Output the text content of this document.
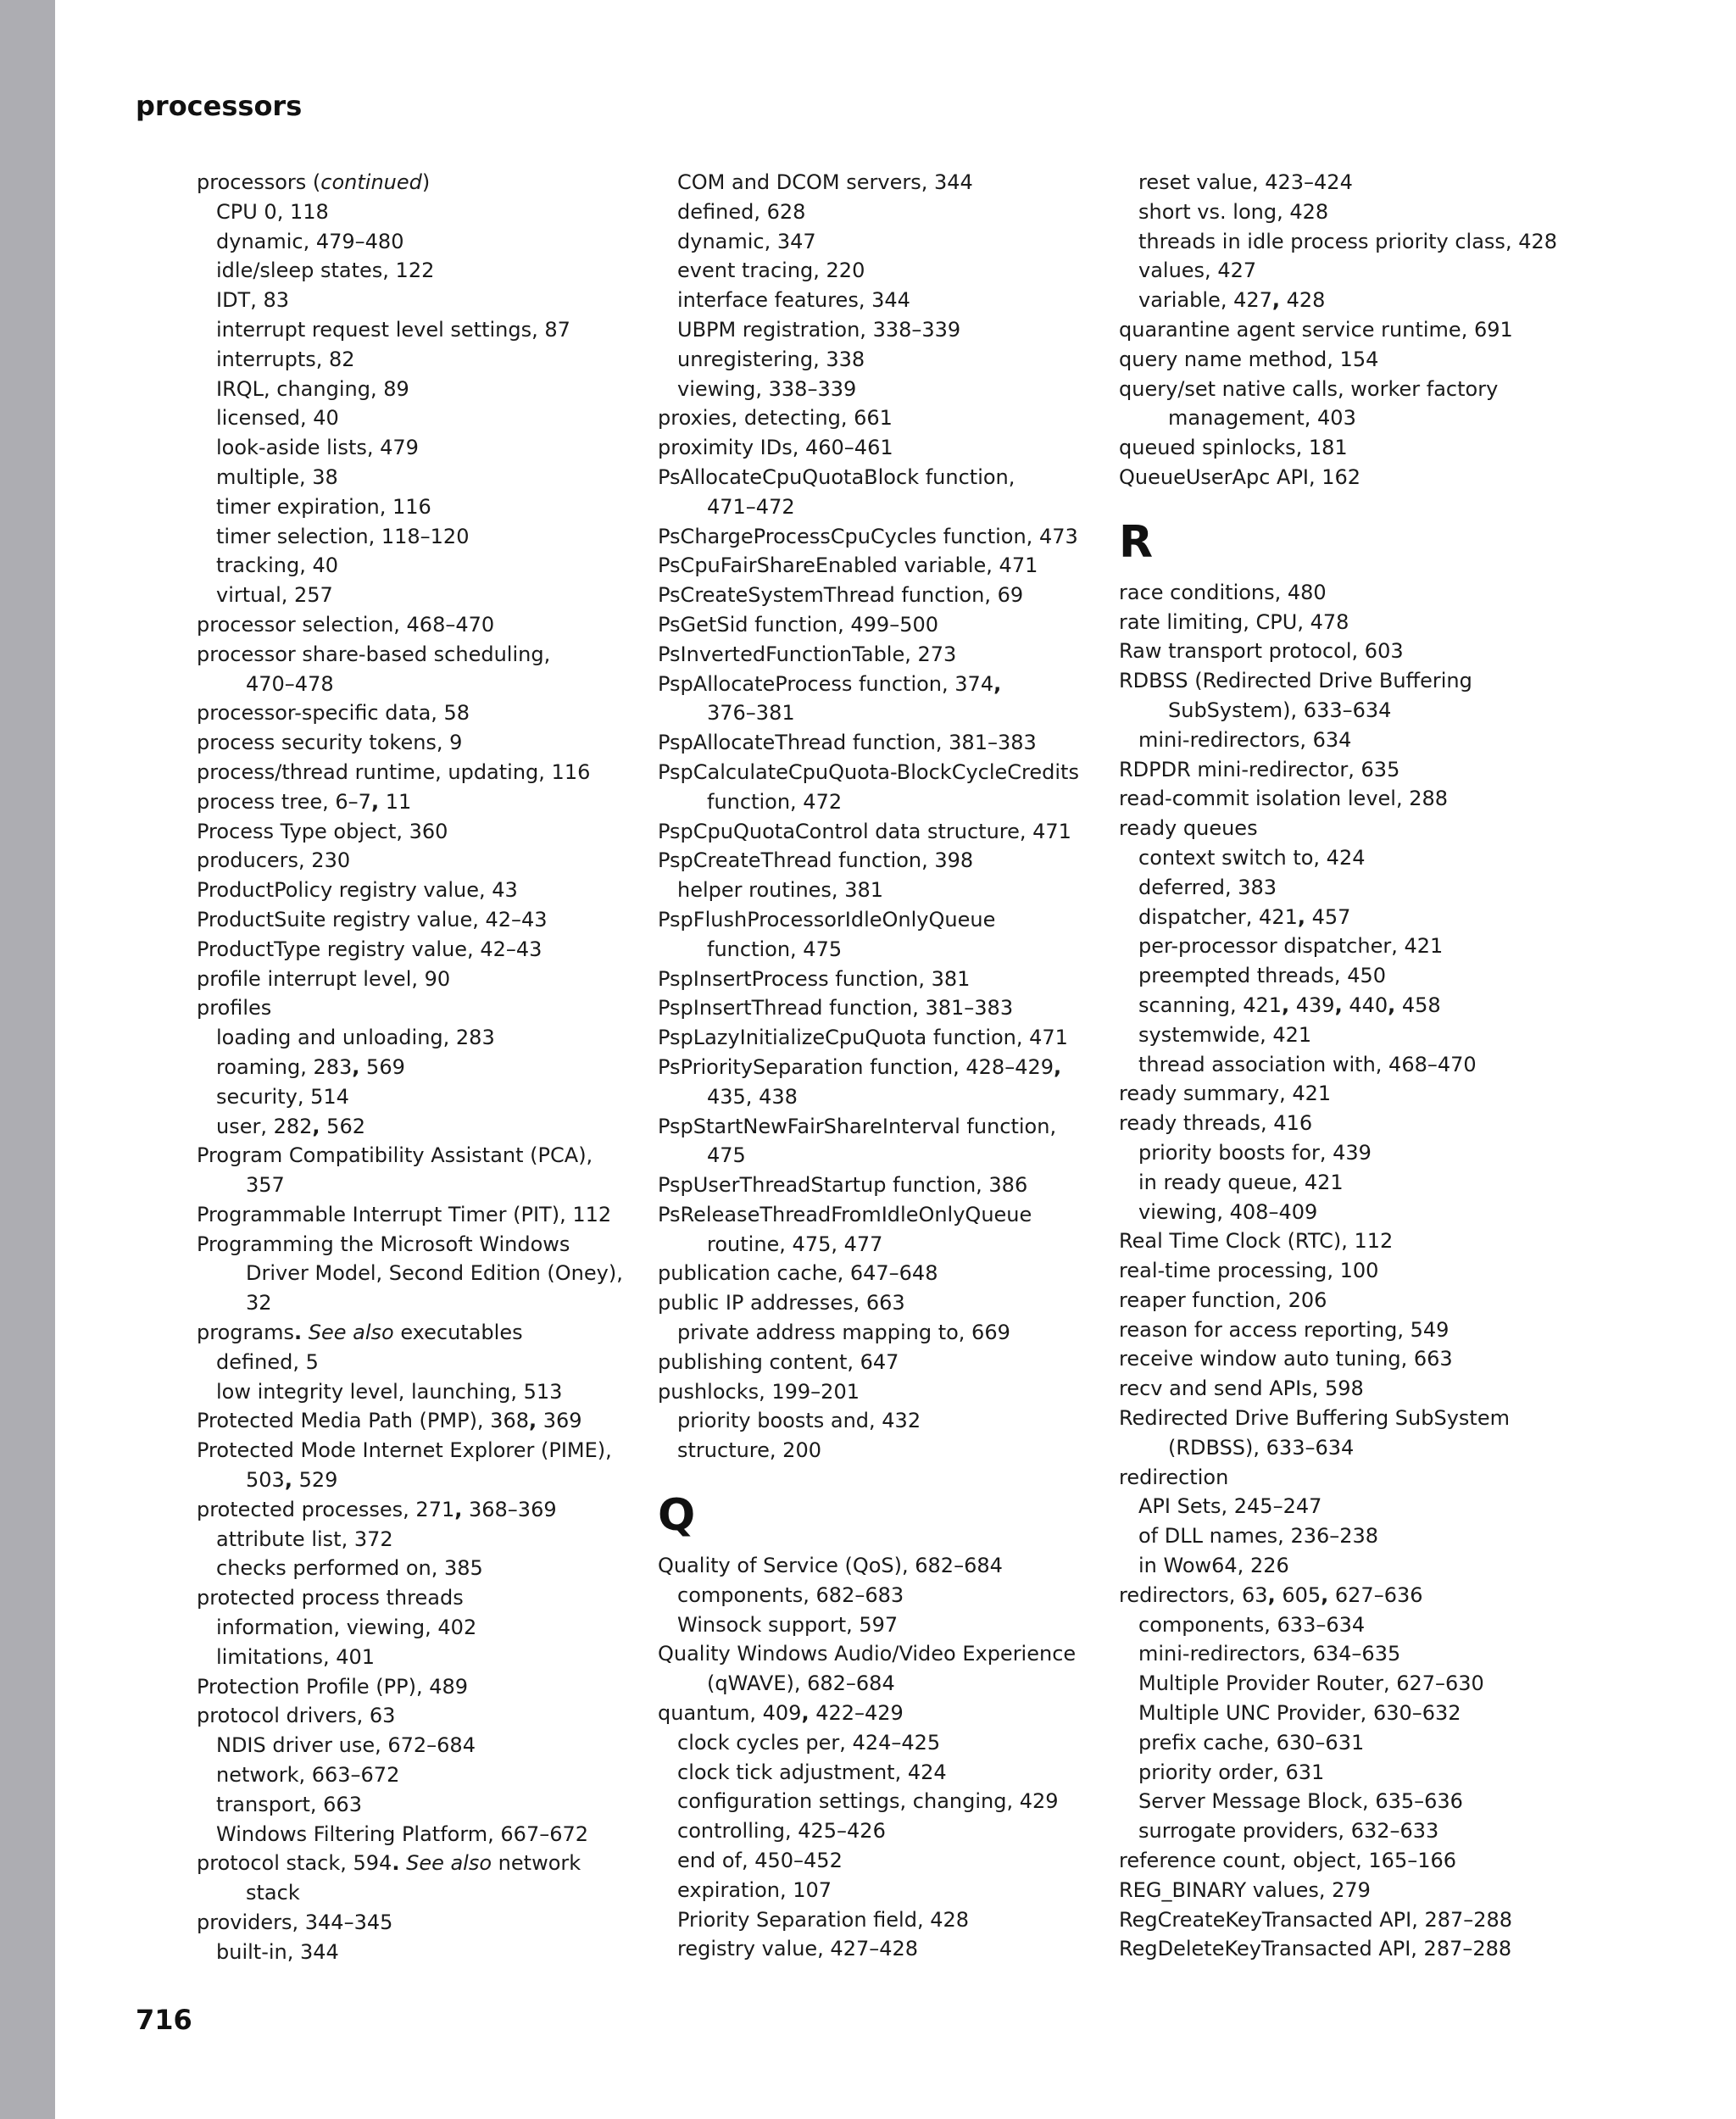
processors
processors (continued)
CPU 0, 118
dynamic, 479–480
idle/sleep states, 122
IDT, 83
interrupt request level settings, 87
interrupts, 82
IRQL, changing, 89
licensed, 40
look-aside lists, 479
multiple, 38
timer expiration, 116
timer selection, 118–120
tracking, 40
virtual, 257
processor selection, 468–470
processor share-based scheduling,
470–478
processor-specific data, 58
process security tokens, 9
process/thread runtime, updating, 116
process tree, 6–7, 11
Process Type object, 360
producers, 230
ProductPolicy registry value, 43
ProductSuite registry value, 42–43
ProductType registry value, 42–43
profile interrupt level, 90
profiles
loading and unloading, 283
roaming, 283, 569
security, 514
user, 282, 562
Program Compatibility Assistant (PCA),
357
Programmable Interrupt Timer (PIT), 112
Programming the Microsoft Windows
Driver Model, Second Edition (Oney),
32
programs. See also executables
defined, 5
low integrity level, launching, 513
Protected Media Path (PMP), 368, 369
Protected Mode Internet Explorer (PIME),
503, 529
protected processes, 271, 368–369
attribute list, 372
checks performed on, 385
protected process threads
information, viewing, 402
limitations, 401
Protection Profile (PP), 489
protocol drivers, 63
NDIS driver use, 672–684
network, 663–672
transport, 663
Windows Filtering Platform, 667–672
protocol stack, 594. See also network
stack
providers, 344–345
built-in, 344
COM and DCOM servers, 344
defined, 628
dynamic, 347
event tracing, 220
interface features, 344
UBPM registration, 338–339
unregistering, 338
viewing, 338–339
proxies, detecting, 661
proximity IDs, 460–461
PsAllocateCpuQuotaBlock function,
471–472
PsChargeProcessCpuCycles function, 473
PsCpuFairShareEnabled variable, 471
PsCreateSystemThread function, 69
PsGetSid function, 499–500
PsInvertedFunctionTable, 273
PspAllocateProcess function, 374,
376–381
PspAllocateThread function, 381–383
PspCalculateCpuQuota-BlockCycleCredits
function, 472
PspCpuQuotaControl data structure, 471
PspCreateThread function, 398
helper routines, 381
PspFlushProcessorIdleOnlyQueue
function, 475
PspInsertProcess function, 381
PspInsertThread function, 381–383
PspLazyInitializeCpuQuota function, 471
PsPrioritySeparation function, 428–429,
435, 438
PspStartNewFairShareInterval function,
475
PspUserThreadStartup function, 386
PsReleaseThreadFromIdleOnlyQueue
routine, 475, 477
publication cache, 647–648
public IP addresses, 663
private address mapping to, 669
publishing content, 647
pushlocks, 199–201
priority boosts and, 432
structure, 200
Q
Quality of Service (QoS), 682–684
components, 682–683
Winsock support, 597
Quality Windows Audio/Video Experience
(qWAVE), 682–684
quantum, 409, 422–429
clock cycles per, 424–425
clock tick adjustment, 424
configuration settings, changing, 429
controlling, 425–426
end of, 450–452
expiration, 107
Priority Separation field, 428
registry value, 427–428
reset value, 423–424
short vs. long, 428
threads in idle process priority class, 428
values, 427
variable, 427, 428
quarantine agent service runtime, 691
query name method, 154
query/set native calls, worker factory
management, 403
queued spinlocks, 181
QueueUserApc API, 162
R
race conditions, 480
rate limiting, CPU, 478
Raw transport protocol, 603
RDBSS (Redirected Drive Buffering
SubSystem), 633–634
mini-redirectors, 634
RDPDR mini-redirector, 635
read-commit isolation level, 288
ready queues
context switch to, 424
deferred, 383
dispatcher, 421, 457
per-processor dispatcher, 421
preempted threads, 450
scanning, 421, 439, 440, 458
systemwide, 421
thread association with, 468–470
ready summary, 421
ready threads, 416
priority boosts for, 439
in ready queue, 421
viewing, 408–409
Real Time Clock (RTC), 112
real-time processing, 100
reaper function, 206
reason for access reporting, 549
receive window auto tuning, 663
recv and send APIs, 598
Redirected Drive Buffering SubSystem
(RDBSS), 633–634
redirection
API Sets, 245–247
of DLL names, 236–238
in Wow64, 226
redirectors, 63, 605, 627–636
components, 633–634
mini-redirectors, 634–635
Multiple Provider Router, 627–630
Multiple UNC Provider, 630–632
prefix cache, 630–631
priority order, 631
Server Message Block, 635–636
surrogate providers, 632–633
reference count, object, 165–166
REG_BINARY values, 279
RegCreateKeyTransacted API, 287–288
RegDeleteKeyTransacted API, 287–288
716
